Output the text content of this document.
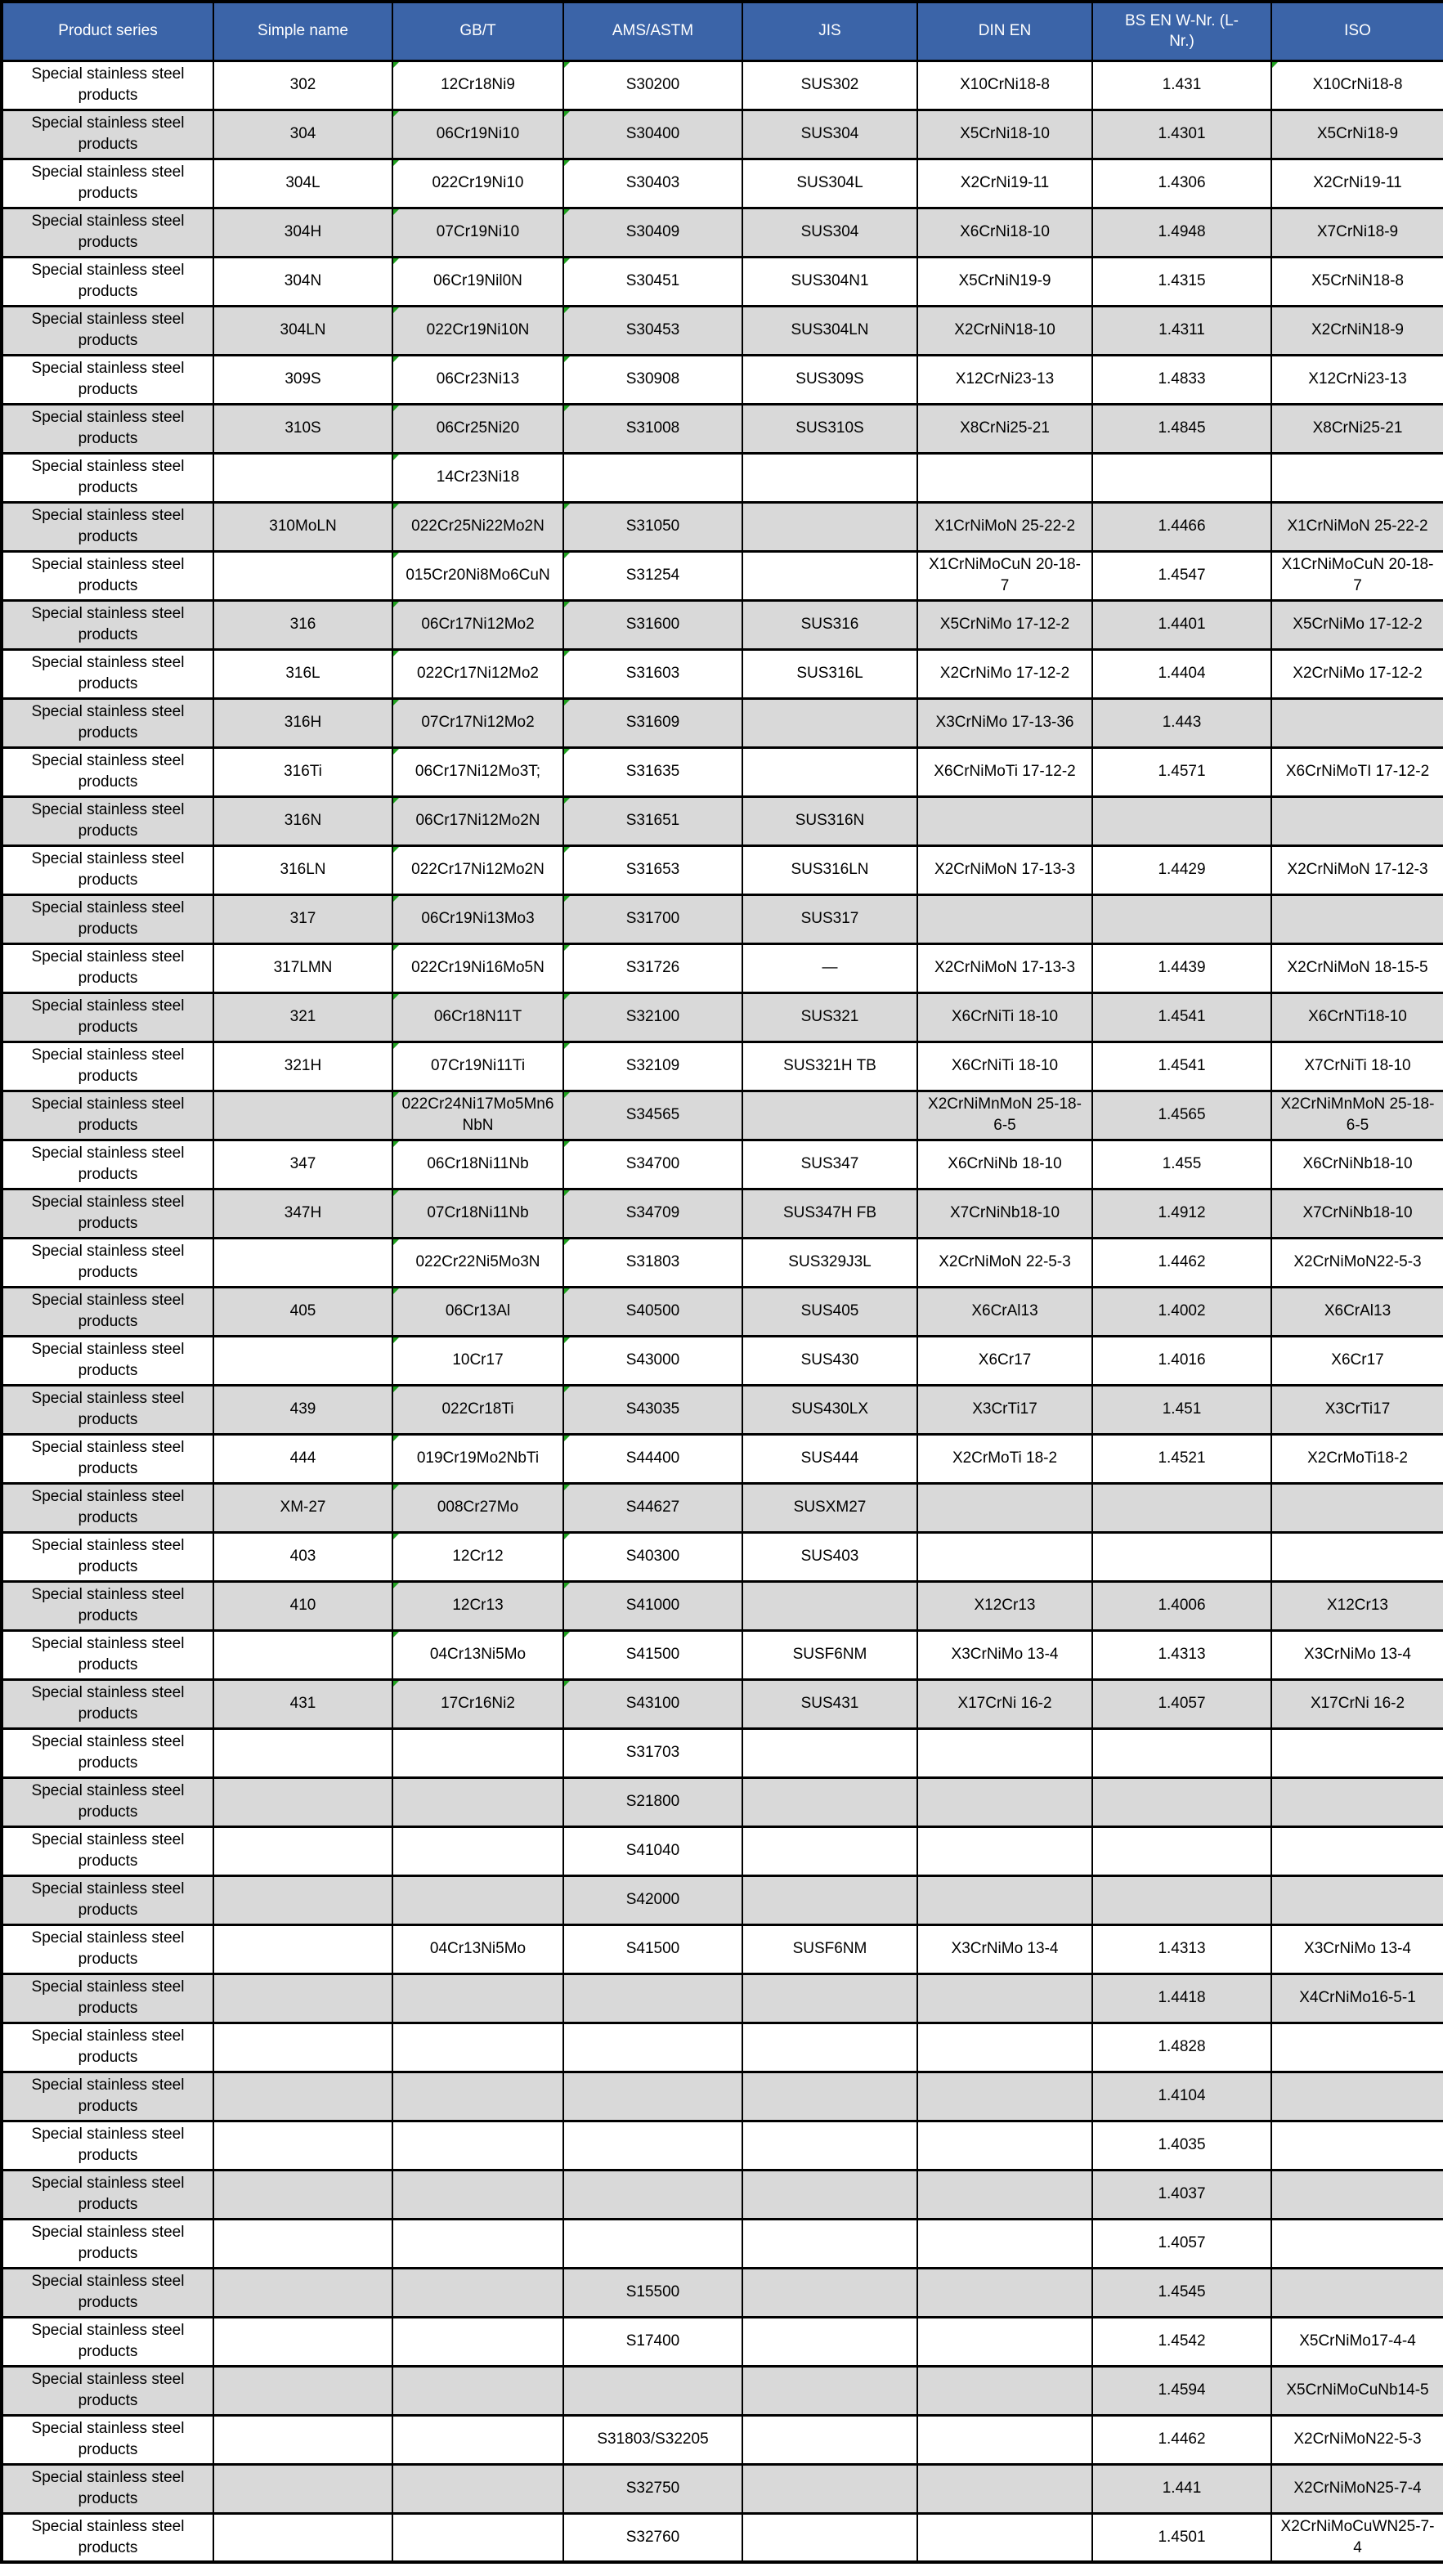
Product series	Simple name	GB/T	AMS/ASTM	JIS	DIN EN	BS EN W-Nr. (L-Nr.)	ISO
Special stainless steel products	302	12Cr18Ni9	S30200	SUS302	X10CrNi18-8	1.431	X10CrNi18-8
Special stainless steel products	304	06Cr19Ni10	S30400	SUS304	X5CrNi18-10	1.4301	X5CrNi18-9
Special stainless steel products	304L	022Cr19Ni10	S30403	SUS304L	X2CrNi19-11	1.4306	X2CrNi19-11
Special stainless steel products	304H	07Cr19Ni10	S30409	SUS304	X6CrNi18-10	1.4948	X7CrNi18-9
Special stainless steel products	304N	06Cr19Nil0N	S30451	SUS304N1	X5CrNiN19-9	1.4315	X5CrNiN18-8
Special stainless steel products	304LN	022Cr19Ni10N	S30453	SUS304LN	X2CrNiN18-10	1.4311	X2CrNiN18-9
Special stainless steel products	309S	06Cr23Ni13	S30908	SUS309S	X12CrNi23-13	1.4833	X12CrNi23-13
Special stainless steel products	310S	06Cr25Ni20	S31008	SUS310S	X8CrNi25-21	1.4845	X8CrNi25-21
Special stainless steel products		14Cr23Ni18					
Special stainless steel products	310MoLN	022Cr25Ni22Mo2N	S31050		X1CrNiMoN 25-22-2	1.4466	X1CrNiMoN 25-22-2
Special stainless steel products		015Cr20Ni8Mo6CuN	S31254		X1CrNiMoCuN 20-18-7	1.4547	X1CrNiMoCuN 20-18-7
Special stainless steel products	316	06Cr17Ni12Mo2	S31600	SUS316	X5CrNiMo 17-12-2	1.4401	X5CrNiMo 17-12-2
Special stainless steel products	316L	022Cr17Ni12Mo2	S31603	SUS316L	X2CrNiMo 17-12-2	1.4404	X2CrNiMo 17-12-2
Special stainless steel products	316H	07Cr17Ni12Mo2	S31609		X3CrNiMo 17-13-36	1.443	
Special stainless steel products	316Ti	06Cr17Ni12Mo3T;	S31635		X6CrNiMoTi 17-12-2	1.4571	X6CrNiMoTI 17-12-2
Special stainless steel products	316N	06Cr17Ni12Mo2N	S31651	SUS316N			
Special stainless steel products	316LN	022Cr17Ni12Mo2N	S31653	SUS316LN	X2CrNiMoN 17-13-3	1.4429	X2CrNiMoN 17-12-3
Special stainless steel products	317	06Cr19Ni13Mo3	S31700	SUS317			
Special stainless steel products	317LMN	022Cr19Ni16Mo5N	S31726	—	X2CrNiMoN 17-13-3	1.4439	X2CrNiMoN 18-15-5
Special stainless steel products	321	06Cr18N11T	S32100	SUS321	X6CrNiTi 18-10	1.4541	X6CrNTi18-10
Special stainless steel products	321H	07Cr19Ni11Ti	S32109	SUS321H TB	X6CrNiTi 18-10	1.4541	X7CrNiTi 18-10
Special stainless steel products		022Cr24Ni17Mo5Mn6NbN	S34565		X2CrNiMnMoN 25-18-6-5	1.4565	X2CrNiMnMoN 25-18-6-5
Special stainless steel products	347	06Cr18Ni11Nb	S34700	SUS347	X6CrNiNb 18-10	1.455	X6CrNiNb18-10
Special stainless steel products	347H	07Cr18Ni11Nb	S34709	SUS347H FB	X7CrNiNb18-10	1.4912	X7CrNiNb18-10
Special stainless steel products		022Cr22Ni5Mo3N	S31803	SUS329J3L	X2CrNiMoN 22-5-3	1.4462	X2CrNiMoN22-5-3
Special stainless steel products	405	06Cr13Al	S40500	SUS405	X6CrAl13	1.4002	X6CrAl13
Special stainless steel products		10Cr17	S43000	SUS430	X6Cr17	1.4016	X6Cr17
Special stainless steel products	439	022Cr18Ti	S43035	SUS430LX	X3CrTi17	1.451	X3CrTi17
Special stainless steel products	444	019Cr19Mo2NbTi	S44400	SUS444	X2CrMoTi 18-2	1.4521	X2CrMoTi18-2
Special stainless steel products	XM-27	008Cr27Mo	S44627	SUSXM27			
Special stainless steel products	403	12Cr12	S40300	SUS403			
Special stainless steel products	410	12Cr13	S41000		X12Cr13	1.4006	X12Cr13
Special stainless steel products		04Cr13Ni5Mo	S41500	SUSF6NM	X3CrNiMo 13-4	1.4313	X3CrNiMo 13-4
Special stainless steel products	431	17Cr16Ni2	S43100	SUS431	X17CrNi 16-2	1.4057	X17CrNi 16-2
Special stainless steel products			S31703				
Special stainless steel products			S21800				
Special stainless steel products			S41040				
Special stainless steel products			S42000				
Special stainless steel products		04Cr13Ni5Mo	S41500	SUSF6NM	X3CrNiMo 13-4	1.4313	X3CrNiMo 13-4
Special stainless steel products						1.4418	X4CrNiMo16-5-1
Special stainless steel products						1.4828	
Special stainless steel products						1.4104	
Special stainless steel products						1.4035	
Special stainless steel products						1.4037	
Special stainless steel products						1.4057	
Special stainless steel products			S15500			1.4545	
Special stainless steel products			S17400			1.4542	X5CrNiMo17-4-4
Special stainless steel products						1.4594	X5CrNiMoCuNb14-5
Special stainless steel products			S31803/S32205			1.4462	X2CrNiMoN22-5-3
Special stainless steel products			S32750			1.441	X2CrNiMoN25-7-4
Special stainless steel products			S32760			1.4501	X2CrNiMoCuWN25-7-4
